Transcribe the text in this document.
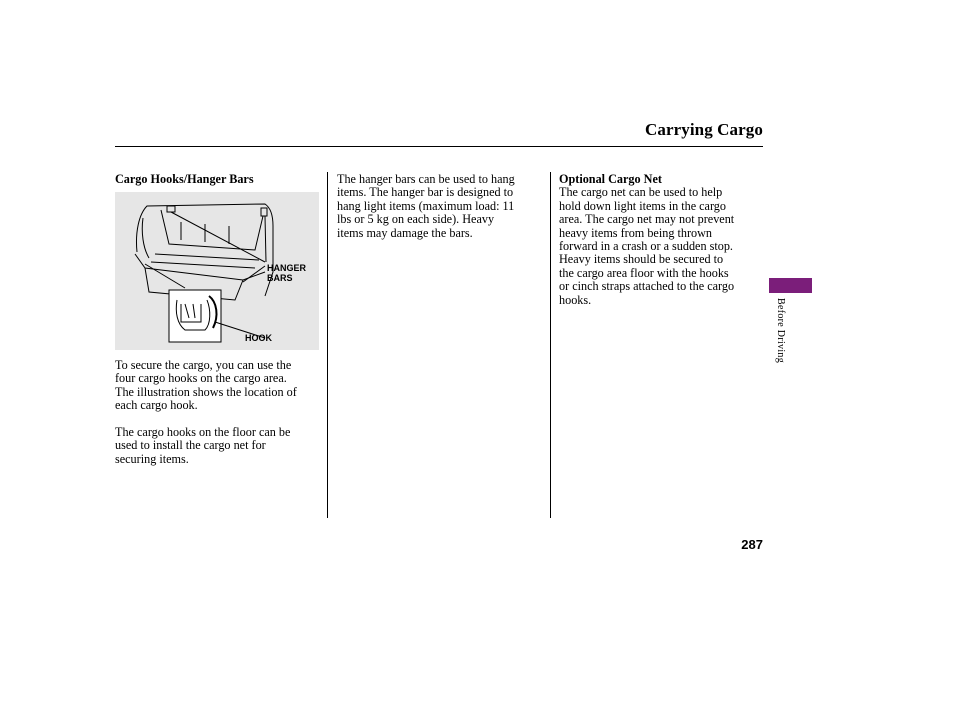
Carrying Cargo
Cargo Hooks/Hanger Bars
HANGER
BARS
HOOK
To secure the cargo, you can use the
four cargo hooks on the cargo area.
The illustration shows the location of
each cargo hook.
The cargo hooks on the floor can be
used to install the cargo net for
securing items.
The hanger bars can be used to hang
items. The hanger bar is designed to
hang light items (maximum load: 11
lbs or 5 kg on each side). Heavy
items may damage the bars.
Optional Cargo Net
The cargo net can be used to help
hold down light items in the cargo
area. The cargo net may not prevent
heavy items from being thrown
forward in a crash or a sudden stop.
Heavy items should be secured to
the cargo area floor with the hooks
or cinch straps attached to the cargo
hooks.	Before Driving
287
